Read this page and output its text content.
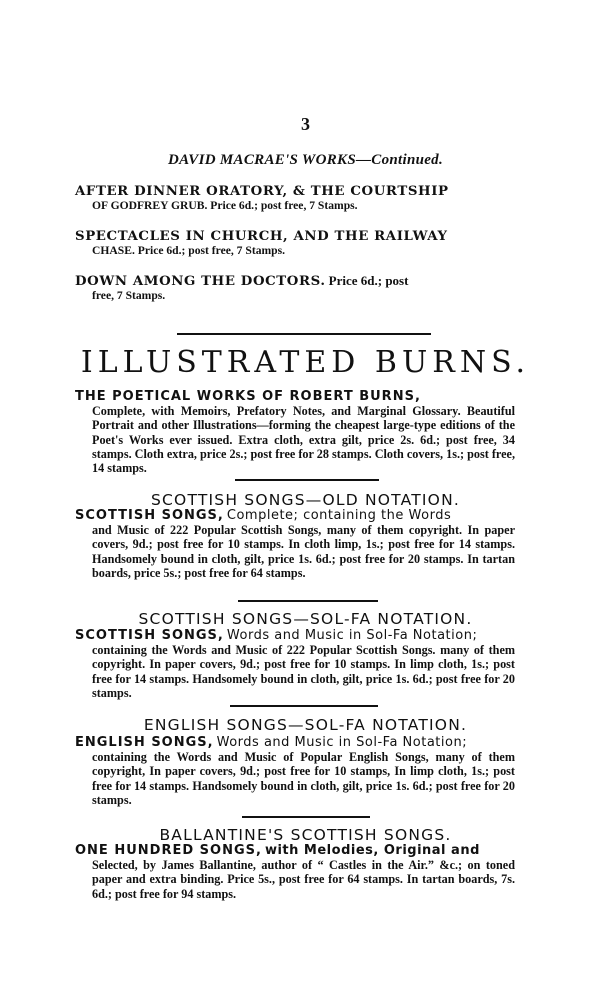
3
DAVID MACRAE'S WORKS—Continued.
AFTER DINNER ORATORY, & THE COURTSHIP
OF GODFREY GRUB. Price 6d.; post free, 7 Stamps.
SPECTACLES IN CHURCH, AND THE RAILWAY
CHASE. Price 6d.; post free, 7 Stamps.
DOWN AMONG THE DOCTORS. Price 6d.; post
free, 7 Stamps.
ILLUSTRATED BURNS.
THE POETICAL WORKS OF ROBERT BURNS,
Complete, with Memoirs, Prefatory Notes, and Marginal Glossary. Beautiful Portrait and other Illustrations—forming the cheapest large-type editions of the Poet's Works ever issued. Extra cloth, extra gilt, price 2s. 6d.; post free, 34 stamps. Cloth extra, price 2s.; post free for 28 stamps. Cloth covers, 1s.; post free, 14 stamps.
SCOTTISH SONGS—OLD NOTATION.
SCOTTISH SONGS, Complete; containing the Words
and Music of 222 Popular Scottish Songs, many of them copyright. In paper covers, 9d.; post free for 10 stamps. In cloth limp, 1s.; post free for 14 stamps. Handsomely bound in cloth, gilt, price 1s. 6d.; post free for 20 stamps. In tartan boards, price 5s.; post free for 64 stamps.
SCOTTISH SONGS—SOL-FA NOTATION.
SCOTTISH SONGS, Words and Music in Sol-Fa Notation;
containing the Words and Music of 222 Popular Scottish Songs. many of them copyright. In paper covers, 9d.; post free for 10 stamps. In limp cloth, 1s.; post free for 14 stamps. Handsomely bound in cloth, gilt, price 1s. 6d.; post free for 20 stamps.
ENGLISH SONGS—SOL-FA NOTATION.
ENGLISH SONGS, Words and Music in Sol-Fa Notation;
containing the Words and Music of Popular English Songs, many of them copyright, In paper covers, 9d.; post free for 10 stamps, In limp cloth, 1s.; post free for 14 stamps. Handsomely bound in cloth, gilt, price 1s. 6d.; post free for 20 stamps.
BALLANTINE'S SCOTTISH SONGS.
ONE HUNDRED SONGS, with Melodies, Original and
Selected, by James Ballantine, author of “ Castles in the Air.” &c.; on toned paper and extra binding. Price 5s., post free for 64 stamps. In tartan boards, 7s. 6d.; post free for 94 stamps.
